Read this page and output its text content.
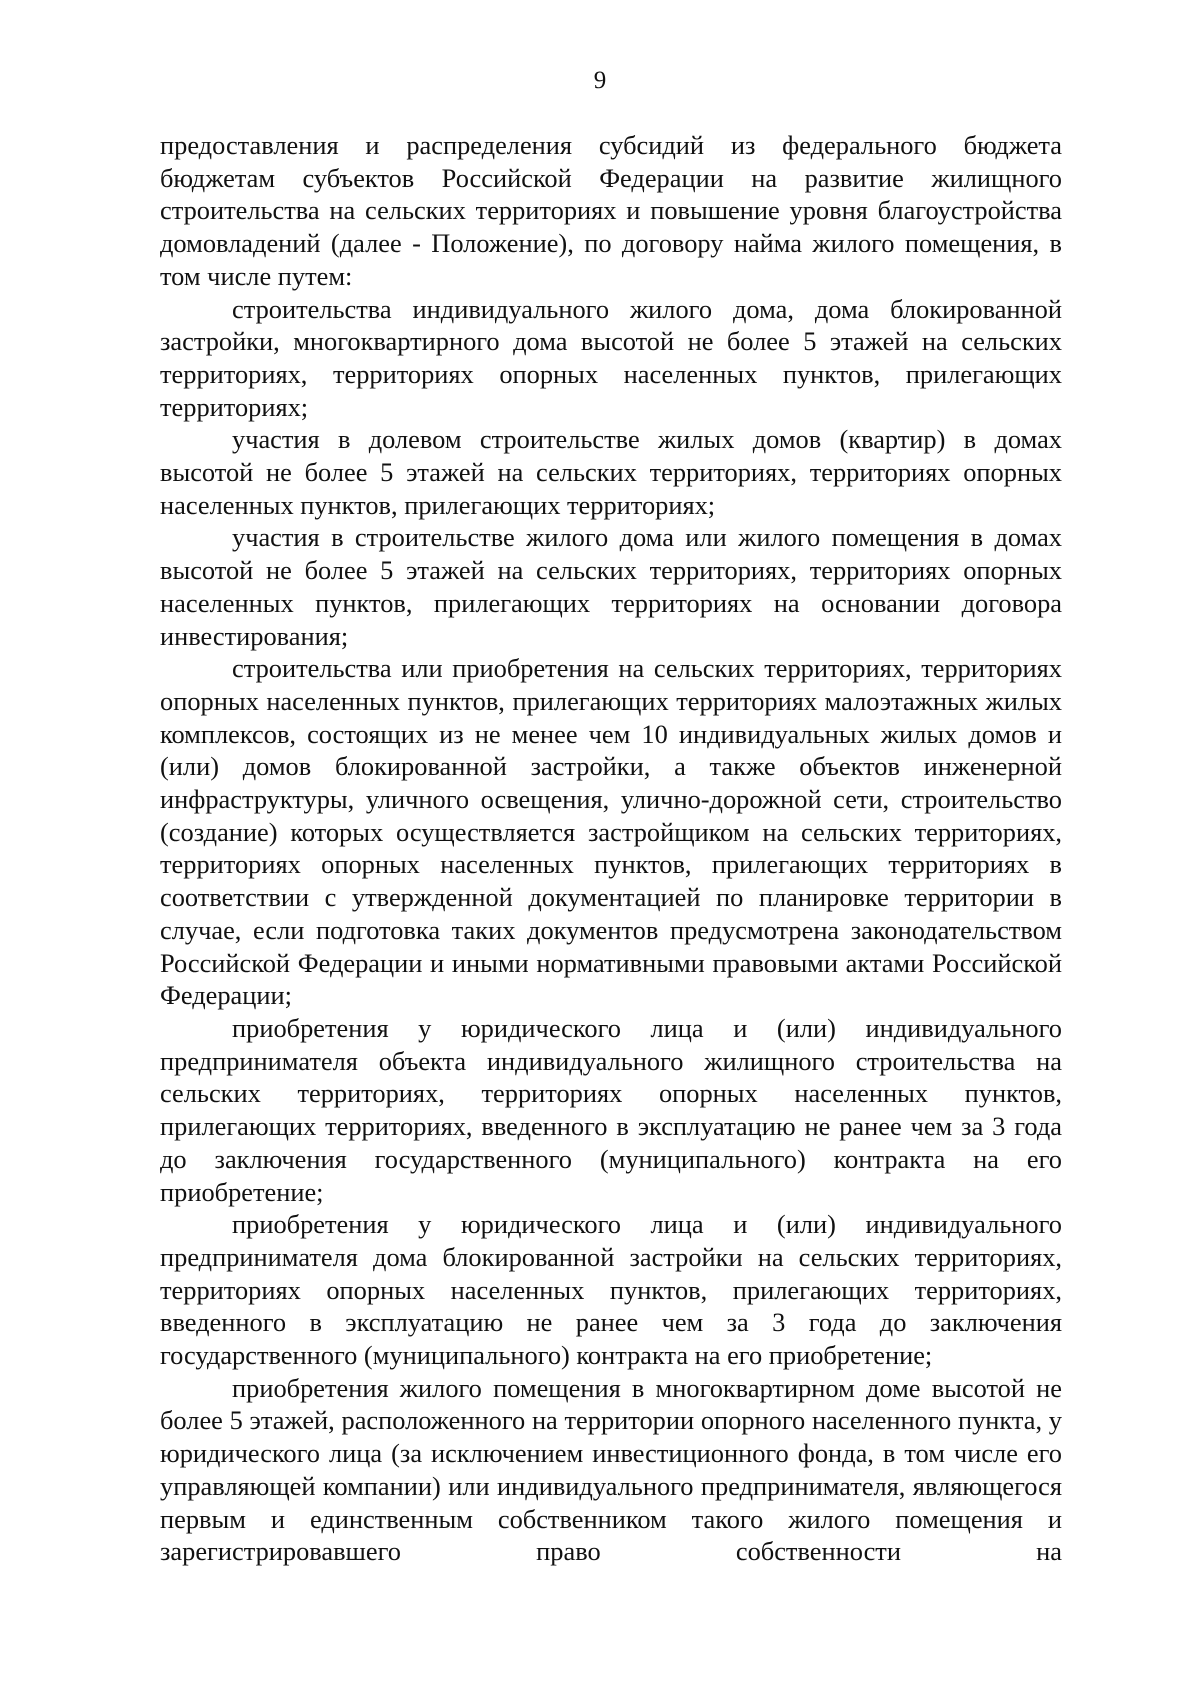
9

предоставления и распределения субсидий из федерального бюджета бюджетам субъектов Российской Федерации на развитие жилищного строительства на сельских территориях и повышение уровня благоустройства домовладений (далее - Положение), по договору найма жилого помещения, в том числе путем:

строительства индивидуального жилого дома, дома блокированной застройки, многоквартирного дома высотой не более 5 этажей на сельских территориях, территориях опорных населенных пунктов, прилегающих территориях;

участия в долевом строительстве жилых домов (квартир) в домах высотой не более 5 этажей на сельских территориях, территориях опорных населенных пунктов, прилегающих территориях;

участия в строительстве жилого дома или жилого помещения в домах высотой не более 5 этажей на сельских территориях, территориях опорных населенных пунктов, прилегающих территориях на основании договора инвестирования;

строительства или приобретения на сельских территориях, территориях опорных населенных пунктов, прилегающих территориях малоэтажных жилых комплексов, состоящих из не менее чем 10 индивидуальных жилых домов и (или) домов блокированной застройки, а также объектов инженерной инфраструктуры, уличного освещения, улично-дорожной сети, строительство (создание) которых осуществляется застройщиком на сельских территориях, территориях опорных населенных пунктов, прилегающих территориях в соответствии с утвержденной документацией по планировке территории в случае, если подготовка таких документов предусмотрена законодательством Российской Федерации и иными нормативными правовыми актами Российской Федерации;

приобретения у юридического лица и (или) индивидуального предпринимателя объекта индивидуального жилищного строительства на сельских территориях, территориях опорных населенных пунктов, прилегающих территориях, введенного в эксплуатацию не ранее чем за 3 года до заключения государственного (муниципального) контракта на его приобретение;

приобретения у юридического лица и (или) индивидуального предпринимателя дома блокированной застройки на сельских территориях, территориях опорных населенных пунктов, прилегающих территориях, введенного в эксплуатацию не ранее чем за 3 года до заключения государственного (муниципального) контракта на его приобретение;

приобретения жилого помещения в многоквартирном доме высотой не более 5 этажей, расположенного на территории опорного населенного пункта, у юридического лица (за исключением инвестиционного фонда, в том числе его управляющей компании) или индивидуального предпринимателя, являющегося первым и единственным собственником такого жилого помещения и зарегистрировавшего право собственности на
